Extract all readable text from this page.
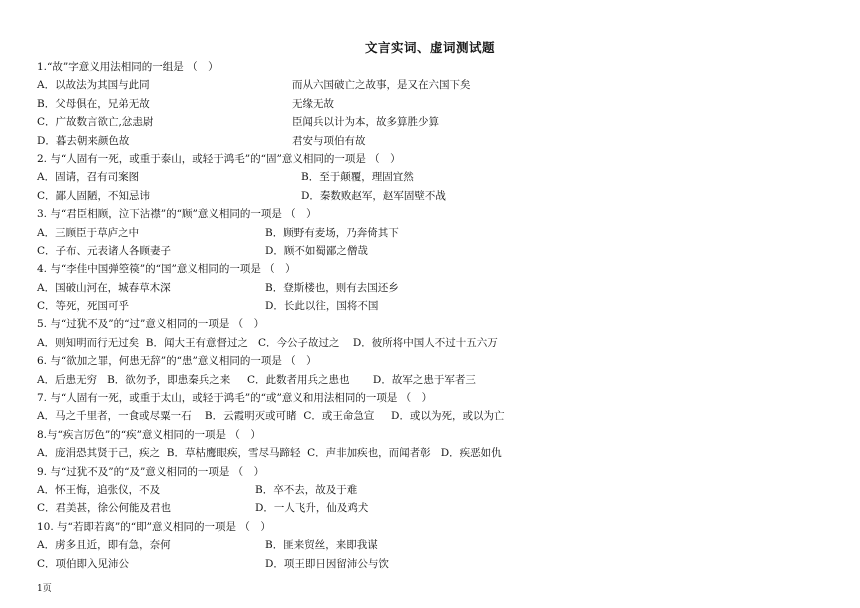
文言实词、虚词测试题
1.“故”字意义用法相同的一组是 （　）
A．以故法为其国与此同	而从六国破亡之故事，是又在六国下矣
B．父母俱在，兄弟无故	无缘无故
C．广故数言欲亡,忿恚尉	臣闻兵以计为本，故多算胜少算
D．暮去朝来颜色故	君安与项伯有故
2. 与“人固有一死，或重于泰山，或轻于鸿毛”的“固”意义相同的一项是 （　）
A．固请，召有司案图	B．至于颠覆，理固宜然
C．鄙人固陋，不知忌讳	D．秦数败赵军，赵军固壁不战
3. 与“君臣相顾，泣下沾襟”的“顾”意义相同的一项是 （　）
A．三顾臣于草庐之中	B．顾野有麦场，乃奔倚其下
C．子布、元表诸人各顾妻子	D．顾不如蜀鄙之僧哉
4. 与“李佳中国弹箜篌”的“国”意义相同的一项是 （　）
A．国破山河在，城春草木深	B．登斯楼也，则有去国还乡
C．等死，死国可乎	D．长此以往，国将不国
5. 与“过犹不及”的“过”意义相同的一项是 （　）
A．则知明而行无过矣  B．闻大王有意督过之   C．今公子故过之    D．彼所将中国人不过十五六万
6. 与“欲加之罪，何患无辞”的“患”意义相同的一项是 （　）
A．后患无穷   B．欲勿予，即患秦兵之来     C．此数者用兵之患也       D．故军之患于军者三
7. 与“人固有一死，或重于太山，或轻于鸿毛”的“或”意义和用法相同的一项是 （　）
A．马之千里者，一食或尽粟一石    B．云霞明灭或可睹  C．或王命急宣     D．或以为死，或以为亡
8.与“疾言厉色”的“疾”意义相同的一项是 （　）
A．庞涓恐其贤于己，疾之  B．草枯鹰眼疾，雪尽马蹄轻  C．声非加疾也，而闻者彰   D．疾恶如仇
9. 与“过犹不及”的“及”意义相同的一项是 （　）
A．怀王悔，追张仪，不及	B．卒不去，故及于难
C．君美甚，徐公何能及君也	D．一人飞升，仙及鸡犬
10. 与“若即若离”的“即”意义相同的一项是 （　）
A．虏多且近，即有急，奈何	B．匪来贸丝，来即我谋
C．项伯即入见沛公	D．项王即日因留沛公与饮
1页
